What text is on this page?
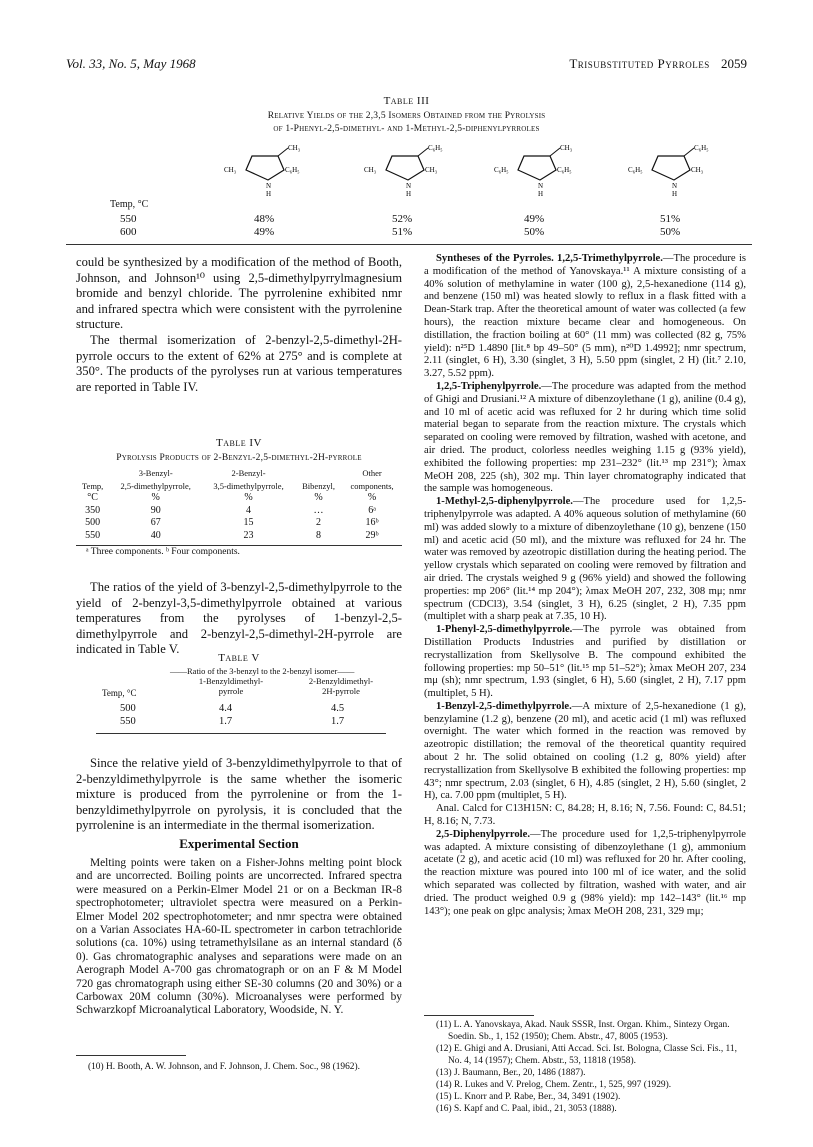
Vol. 33, No. 5, May 1968	Trisubstituted Pyrroles 2059
Table III
Relative Yields of the 2,3,5 Isomers Obtained from the Pyrolysis
of 1-Phenyl-2,5-dimethyl- and 1-Methyl-2,5-diphenylpyrroles
CH₃
CH₃	C₆H₅
N
H
C₆H₅
CH₃	CH₃
N
H
CH₃
C₆H₅	C₆H₅
N
H
C₆H₅
C₆H₅	CH₃
N
H
Temp, °C
550	48%	52%	49%	51%
600	49%	51%	50%	50%

could be synthesized by a modification of the method of Booth, Johnson, and Johnson¹⁰ using 2,5-dimethylpyrrylmagnesium bromide and benzyl chloride. The pyrrolenine exhibited nmr and infrared spectra which were consistent with the pyrrolenine structure.

The thermal isomerization of 2-benzyl-2,5-dimethyl-2H-pyrrole occurs to the extent of 62% at 275° and is complete at 350°. The products of the pyrolyses run at various temperatures are reported in Table IV.

Table IV
Pyrolysis Products of 2-Benzyl-2,5-dimethyl-2H-pyrrole
	3-Benzyl-	2-Benzyl-		Other
Temp,	2,5-dimethylpyrrole,	3,5-dimethylpyrrole,	Bibenzyl,	components,
°C	%	%	%	%
350	90	4	…	6ᵃ
500	67	15	2	16ᵇ
550	40	23	8	29ᵇ
ᵃ Three components. ᵇ Four components.

The ratios of the yield of 3-benzyl-2,5-dimethylpyrrole to the yield of 2-benzyl-3,5-dimethylpyrrole obtained at various temperatures from the pyrolyses of 1-benzyl-2,5-dimethylpyrrole and 2-benzyl-2,5-dimethyl-2H-pyrrole are indicated in Table V.

Table V
——Ratio of the 3-benzyl to the 2-benzyl isomer——
1-Benzyldimethyl-
pyrrole
2-Benzyldimethyl-
2H-pyrrole
Temp, °C
500	4.4	4.5
550	1.7	1.7

Since the relative yield of 3-benzyldimethylpyrrole to that of 2-benzyldimethylpyrrole is the same whether the isomeric mixture is produced from the pyrrolenine or from the 1-benzyldimethylpyrrole on pyrolysis, it is concluded that the pyrrolenine is an intermediate in the thermal isomerization.

Experimental Section

Melting points were taken on a Fisher-Johns melting point block and are uncorrected. Boiling points are uncorrected. Infrared spectra were measured on a Perkin-Elmer Model 21 or on a Beckman IR-8 spectrophotometer; ultraviolet spectra were measured on a Perkin-Elmer Model 202 spectrophotometer; and nmr spectra were obtained on a Varian Associates HA-60-IL spectrometer in carbon tetrachloride solutions (ca. 10%) using tetramethylsilane as an internal standard (δ 0). Gas chromatographic analyses and separations were made on an Aerograph Model A-700 gas chromatograph or on an F & M Model 720 gas chromatograph using either SE-30 columns (20 and 30%) or a Carbowax 20M column (30%). Microanalyses were performed by Schwarzkopf Microanalytical Laboratory, Woodside, N. Y.

(10) H. Booth, A. W. Johnson, and F. Johnson, J. Chem. Soc., 98 (1962).

Syntheses of the Pyrroles. 1,2,5-Trimethylpyrrole.—The procedure is a modification of the method of Yanovskaya.¹¹ A mixture consisting of a 40% solution of methylamine in water (100 g), 2,5-hexanedione (114 g), and benzene (150 ml) was heated slowly to reflux in a flask fitted with a Dean-Stark trap. After the theoretical amount of water was collected (a few hours), the reaction mixture became clear and homogeneous. On distillation, the fraction boiling at 60° (11 mm) was collected (82 g, 75% yield): n²⁵D 1.4890 [lit.⁸ bp 49–50° (5 mm), n²⁰D 1.4992]; nmr spectrum, 2.11 (singlet, 6 H), 3.30 (singlet, 3 H), 5.50 ppm (singlet, 2 H) (lit.⁷ 2.10, 3.27, 5.52 ppm).

1,2,5-Triphenylpyrrole.—The procedure was adapted from the method of Ghigi and Drusiani.¹² A mixture of dibenzoylethane (1 g), aniline (0.4 g), and 10 ml of acetic acid was refluxed for 2 hr during which time solid material began to separate from the reaction mixture. The crystals which separated on cooling were removed by filtration, washed with acetone, and air dried. The product, colorless needles weighing 1.15 g (93% yield), exhibited the following properties: mp 231–232° (lit.¹³ mp 231°); λmax MeOH 208, 225 (sh), 302 mμ. Thin layer chromatography indicated that the sample was homogeneous.

1-Methyl-2,5-diphenylpyrrole.—The procedure used for 1,2,5-triphenylpyrrole was adapted. A 40% aqueous solution of methylamine (60 ml) was added slowly to a mixture of dibenzoylethane (10 g), benzene (150 ml) and acetic acid (50 ml), and the mixture was refluxed for 24 hr. The water was removed by azeotropic distillation during the heating period. The yellow crystals which separated on cooling were removed by filtration and air dried. The crystals weighed 9 g (96% yield) and showed the following properties: mp 206° (lit.¹⁴ mp 204°); λmax MeOH 207, 232, 308 mμ; nmr spectrum (CDCl3), 3.54 (singlet, 3 H), 6.25 (singlet, 2 H), 7.35 ppm (multiplet with a sharp peak at 7.35, 10 H).

1-Phenyl-2,5-dimethylpyrrole.—The pyrrole was obtained from Distillation Products Industries and purified by distillation or recrystallization from Skellysolve B. The compound exhibited the following properties: mp 50–51° (lit.¹⁵ mp 51–52°); λmax MeOH 207, 234 mμ (sh); nmr spectrum, 1.93 (singlet, 6 H), 5.60 (singlet, 2 H), 7.17 ppm (multiplet, 5 H).

1-Benzyl-2,5-dimethylpyrrole.—A mixture of 2,5-hexanedione (1 g), benzylamine (1.2 g), benzene (20 ml), and acetic acid (1 ml) was refluxed overnight. The water which formed in the reaction was removed by azeotropic distillation; the removal of the theoretical quantity required about 2 hr. The solid obtained on cooling (1.2 g, 80% yield) after recrystallization from Skellysolve B exhibited the following properties: mp 43°; nmr spectrum, 2.03 (singlet, 6 H), 4.85 (singlet, 2 H), 5.60 (singlet, 2 H), ca. 7.00 ppm (multiplet, 5 H).

Anal. Calcd for C13H15N: C, 84.28; H, 8.16; N, 7.56. Found: C, 84.51; H, 8.16; N, 7.73.

2,5-Diphenylpyrrole.—The procedure used for 1,2,5-triphenylpyrrole was adapted. A mixture consisting of dibenzoylethane (1 g), ammonium acetate (2 g), and acetic acid (10 ml) was refluxed for 20 hr. After cooling, the reaction mixture was poured into 100 ml of ice water, and the solid which separated was collected by filtration, washed with water, and air dried. The product weighed 0.9 g (98% yield): mp 142–143° (lit.¹⁶ mp 143°); one peak on glpc analysis; λmax MeOH 208, 231, 329 mμ;

(11) L. A. Yanovskaya, Akad. Nauk SSSR, Inst. Organ. Khim., Sintezy Organ. Soedin. Sb., 1, 152 (1950); Chem. Abstr., 47, 8005 (1953).
(12) E. Ghigi and A. Drusiani, Atti Accad. Sci. Ist. Bologna, Classe Sci. Fis., 11, No. 4, 14 (1957); Chem. Abstr., 53, 11818 (1958).
(13) J. Baumann, Ber., 20, 1486 (1887).
(14) R. Lukes and V. Prelog, Chem. Zentr., 1, 525, 997 (1929).
(15) L. Knorr and P. Rabe, Ber., 34, 3491 (1902).
(16) S. Kapf and C. Paal, ibid., 21, 3053 (1888).
